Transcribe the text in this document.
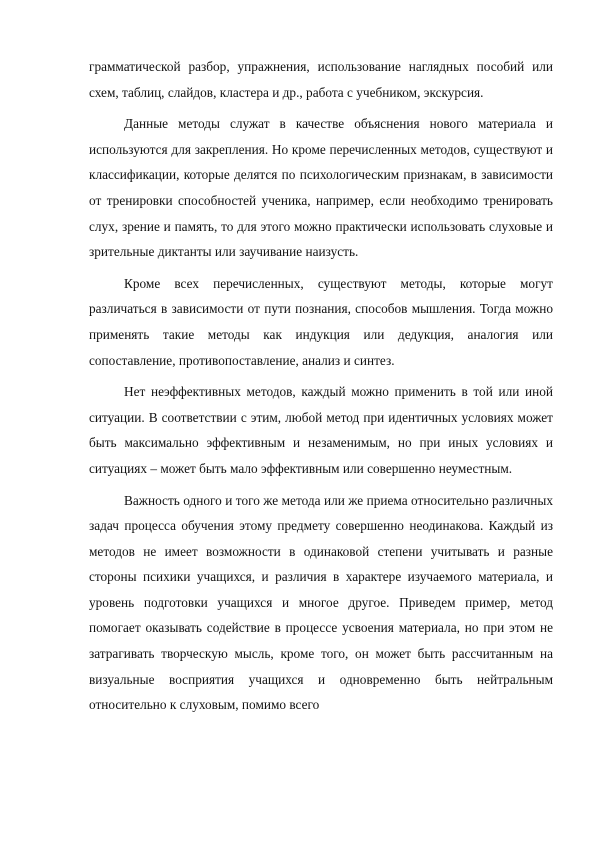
грамматической разбор, упражнения, использование наглядных пособий или схем, таблиц, слайдов, кластера и др., работа с учебником, экскурсия.

Данные методы служат в качестве объяснения нового материала и используются для закрепления. Но кроме перечисленных методов, существуют и классификации, которые делятся по психологическим признакам, в зависимости от тренировки способностей ученика, например, если необходимо тренировать слух, зрение и память, то для этого можно практически использовать слуховые и зрительные диктанты или заучивание наизусть.

Кроме всех перечисленных, существуют методы, которые могут различаться в зависимости от пути познания, способов мышления. Тогда можно применять такие методы как индукция или дедукция, аналогия или сопоставление, противопоставление, анализ и синтез.

Нет неэффективных методов, каждый можно применить в той или иной ситуации. В соответствии с этим, любой метод при идентичных условиях может быть максимально эффективным и незаменимым, но при иных условиях и ситуациях – может быть мало эффективным или совершенно неуместным.

Важность одного и того же метода или же приема относительно различных задач процесса обучения этому предмету совершенно неодинакова. Каждый из методов не имеет возможности в одинаковой степени учитывать и разные стороны психики учащихся, и различия в характере изучаемого материала, и уровень подготовки учащихся и многое другое. Приведем пример, метод помогает оказывать содействие в процессе усвоения материала, но при этом не затрагивать творческую мысль, кроме того, он может быть рассчитанным на визуальные восприятия учащихся и одновременно быть нейтральным относительно к слуховым, помимо всего
